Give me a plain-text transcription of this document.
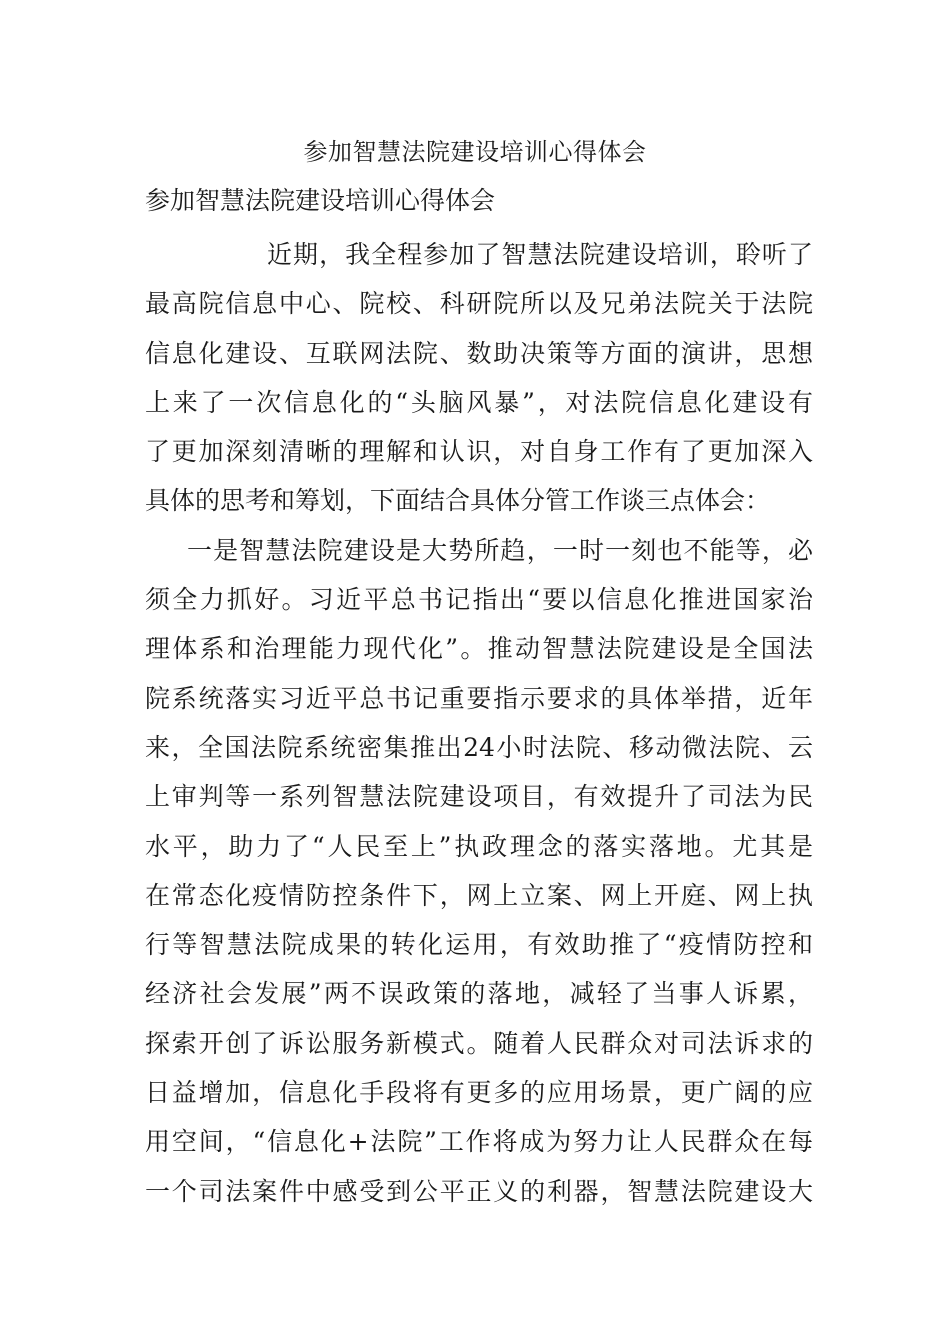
参加智慧法院建设培训心得体会

参加智慧法院建设培训心得体会

近期，我全程参加了智慧法院建设培训，聆听了
最高院信息中心、院校、科研院所以及兄弟法院关于法院
信息化建设、互联网法院、数助决策等方面的演讲，思想
上来了一次信息化的“头脑风暴”，对法院信息化建设有
了更加深刻清晰的理解和认识，对自身工作有了更加深入
具体的思考和筹划，下面结合具体分管工作谈三点体会：
一是智慧法院建设是大势所趋，一时一刻也不能等，必
须全力抓好。习近平总书记指出“要以信息化推进国家治
理体系和治理能力现代化”。推动智慧法院建设是全国法
院系统落实习近平总书记重要指示要求的具体举措，近年
来，全国法院系统密集推出24小时法院、移动微法院、云
上审判等一系列智慧法院建设项目，有效提升了司法为民
水平，助力了“人民至上”执政理念的落实落地。尤其是
在常态化疫情防控条件下，网上立案、网上开庭、网上执
行等智慧法院成果的转化运用，有效助推了“疫情防控和
经济社会发展”两不误政策的落地，减轻了当事人诉累，
探索开创了诉讼服务新模式。随着人民群众对司法诉求的
日益增加，信息化手段将有更多的应用场景，更广阔的应
用空间，“信息化+法院”工作将成为努力让人民群众在每
一个司法案件中感受到公平正义的利器，智慧法院建设大
